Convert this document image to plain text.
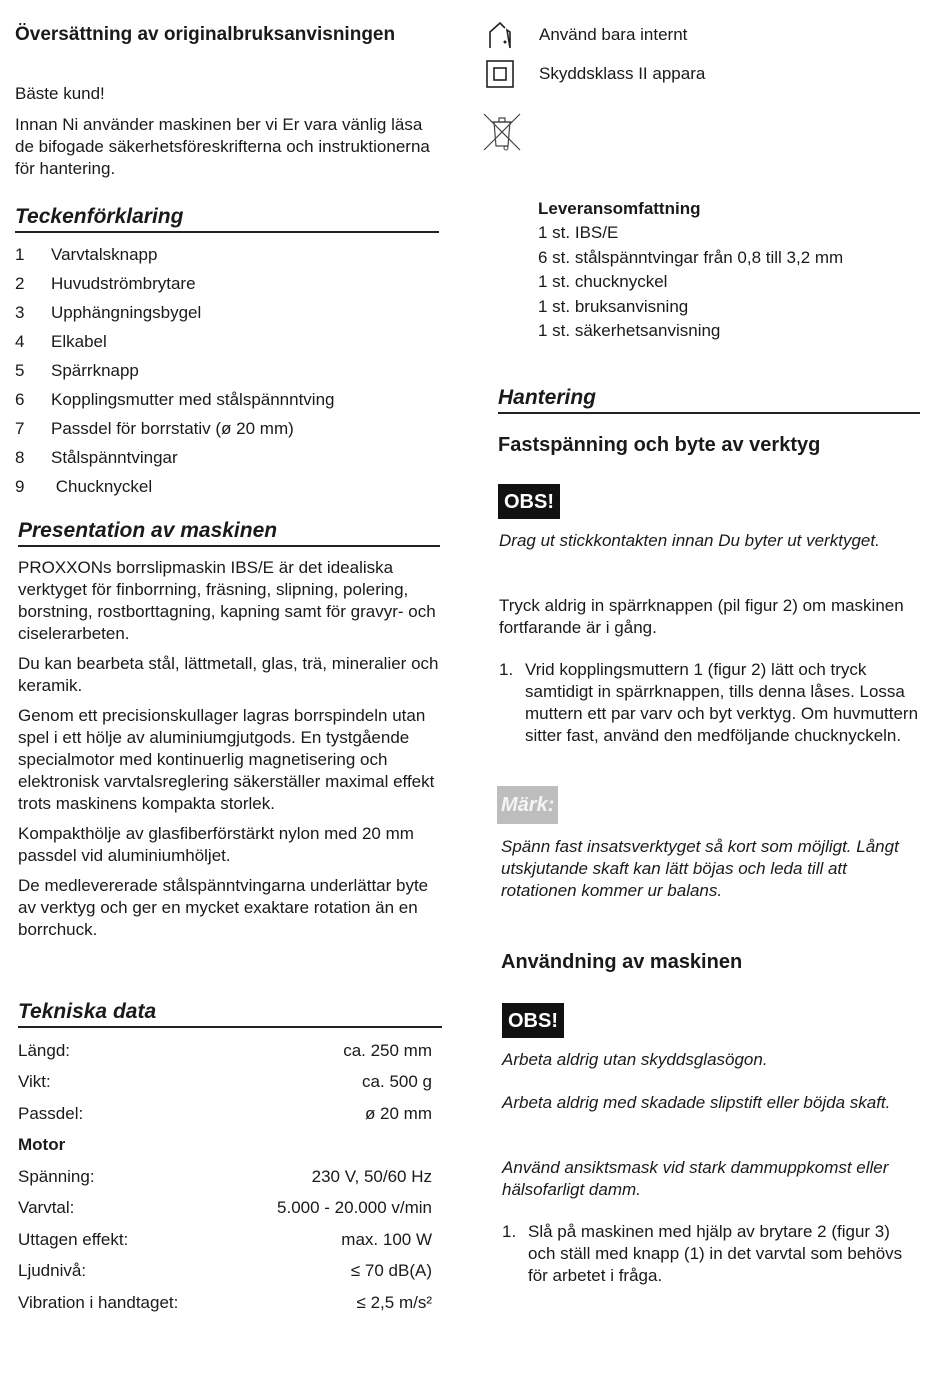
Översättning av originalbruksanvisningen
Bäste kund!
Innan Ni använder maskinen ber vi Er vara vänlig läsa de bifogade säkerhetsföreskrifterna och instruktionerna för hantering.
Teckenförklaring
1	Varvtalsknapp
2	Huvudströmbrytare
3	Upphängningsbygel
4	Elkabel
5	Spärrknapp
6	Kopplingsmutter med stålspännntving
7	Passdel för borrstativ (ø 20 mm)
8	Stålspänntvingar
9	Chucknyckel
Presentation av maskinen

PROXXONs borrslipmaskin IBS/E är det idealiska verktyget för finborrning, fräsning, slipning, polering, borstning, rostborttagning, kapning samt för gravyr- och ciselerarbeten.

Du kan bearbeta stål, lättmetall, glas, trä, mineralier och keramik.

Genom ett precisionskullager lagras borrspindeln utan spel i ett hölje av aluminiumgjutgods. En tystgående specialmotor med kontinuerlig magnetisering och elektronisk varvtalsreglering säkerställer maximal effekt trots maskinens kompakta storlek.

Kompakthölje av glasfiberförstärkt nylon med 20 mm passdel vid aluminiumhöljet.

De medlevererade stålspänntvingarna underlättar byte av verktyg och ger en mycket exaktare rotation än en borrchuck.

Tekniska data
Längd:	ca. 250 mm
Vikt:	ca. 500 g
Passdel:	ø 20 mm
Motor
Spänning:	230 V, 50/60 Hz
Varvtal:	5.000 - 20.000 v/min
Uttagen effekt:	max. 100 W
Ljudnivå:	≤ 70 dB(A)
Vibration i handtaget:	≤ 2,5 m/s²
Använd bara internt
Skyddsklass II appara
Leveransomfattning
1 st. IBS/E
6 st. stålspänntvingar från 0,8 till 3,2 mm
1 st. chucknyckel
1 st. bruksanvisning
1 st. säkerhetsanvisning
Hantering
Fastspänning och byte av verktyg
OBS!
Drag ut stickkontakten innan Du byter ut verktyget.
Tryck aldrig in spärrknappen (pil figur 2) om maskinen fortfarande är i gång.
1. Vrid kopplingsmuttern 1 (figur 2) lätt och tryck samtidigt in spärrknappen, tills denna låses. Lossa muttern ett par varv och byt verktyg. Om huvmuttern sitter fast, använd den medföljande chucknyckeln.
Märk:
Spänn fast insatsverktyget så kort som möjligt. Långt utskjutande skaft kan lätt böjas och leda till att rotationen kommer ur balans.
Användning av maskinen
OBS!
Arbeta aldrig utan skyddsglasögon.
Arbeta aldrig med skadade slipstift eller böjda skaft.
Använd ansiktsmask vid stark dammuppkomst eller hälsofarligt damm.
1. Slå på maskinen med hjälp av brytare 2 (figur 3) och ställ med knapp (1) in det varvtal som behövs för arbetet i fråga.
